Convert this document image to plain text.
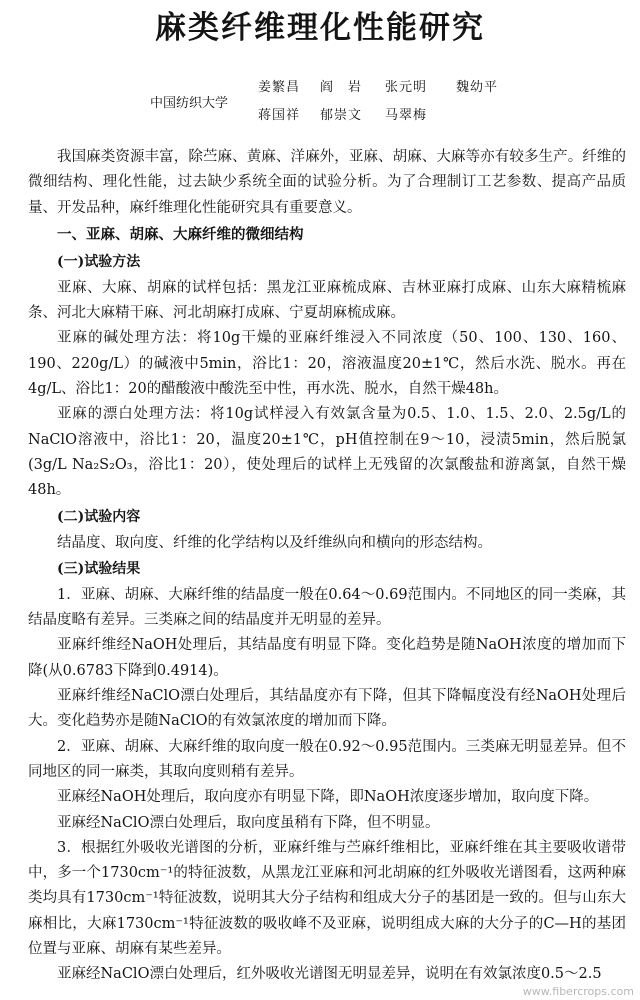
麻类纤维理化性能研究
中国纺织大学
姜繁昌 阎　岩 张元明 魏幼平
蒋国祥 郁崇文 马翠梅

我国麻类资源丰富，除苎麻、黄麻、洋麻外，亚麻、胡麻、大麻等亦有较多生产。纤维的微细结构、理化性能，过去缺少系统全面的试验分析。为了合理制订工艺参数、提高产品质量、开发品种，麻纤维理化性能研究具有重要意义。

一、亚麻、胡麻、大麻纤维的微细结构

(一)试验方法

亚麻、大麻、胡麻的试样包括：黑龙江亚麻梳成麻、吉林亚麻打成麻、山东大麻精梳麻条、河北大麻精干麻、河北胡麻打成麻、宁夏胡麻梳成麻。

亚麻的碱处理方法：将10g干燥的亚麻纤维浸入不同浓度（50、100、130、160、190、220g/L）的碱液中5min，浴比1：20，溶液温度20±1℃，然后水洗、脱水。再在4g/L、浴比1：20的醋酸液中酸洗至中性，再水洗、脱水，自然干燥48h。

亚麻的漂白处理方法：将10g试样浸入有效氯含量为0.5、1.0、1.5、2.0、2.5g/L的NaClO溶液中，浴比1：20，温度20±1℃，pH值控制在9～10，浸渍5min，然后脱氯(3g/L Na₂S₂O₃，浴比1：20），使处理后的试样上无残留的次氯酸盐和游离氯，自然干燥48h。

(二)试验内容

结晶度、取向度、纤维的化学结构以及纤维纵向和横向的形态结构。

(三)试验结果

1．亚麻、胡麻、大麻纤维的结晶度一般在0.64～0.69范围内。不同地区的同一类麻，其结晶度略有差异。三类麻之间的结晶度并无明显的差异。

亚麻纤维经NaOH处理后，其结晶度有明显下降。变化趋势是随NaOH浓度的增加而下降(从0.6783下降到0.4914)。

亚麻纤维经NaClO漂白处理后，其结晶度亦有下降，但其下降幅度没有经NaOH处理后大。变化趋势亦是随NaClO的有效氯浓度的增加而下降。

2．亚麻、胡麻、大麻纤维的取向度一般在0.92～0.95范围内。三类麻无明显差异。但不同地区的同一麻类，其取向度则稍有差异。

亚麻经NaOH处理后，取向度亦有明显下降，即NaOH浓度逐步增加，取向度下降。

亚麻经NaClO漂白处理后，取向度虽稍有下降，但不明显。

3．根据红外吸收光谱图的分析，亚麻纤维与苎麻纤维相比，亚麻纤维在其主要吸收谱带中，多一个1730cm⁻¹的特征波数，从黑龙江亚麻和河北胡麻的红外吸收光谱图看，这两种麻类均具有1730cm⁻¹特征波数，说明其大分子结构和组成大分子的基团是一致的。但与山东大麻相比，大麻1730cm⁻¹特征波数的吸收峰不及亚麻，说明组成大麻的大分子的C—H的基团位置与亚麻、胡麻有某些差异。

亚麻经NaClO漂白处理后，红外吸收光谱图无明显差异，说明在有效氯浓度0.5～2.5

www.fibercrops.com
